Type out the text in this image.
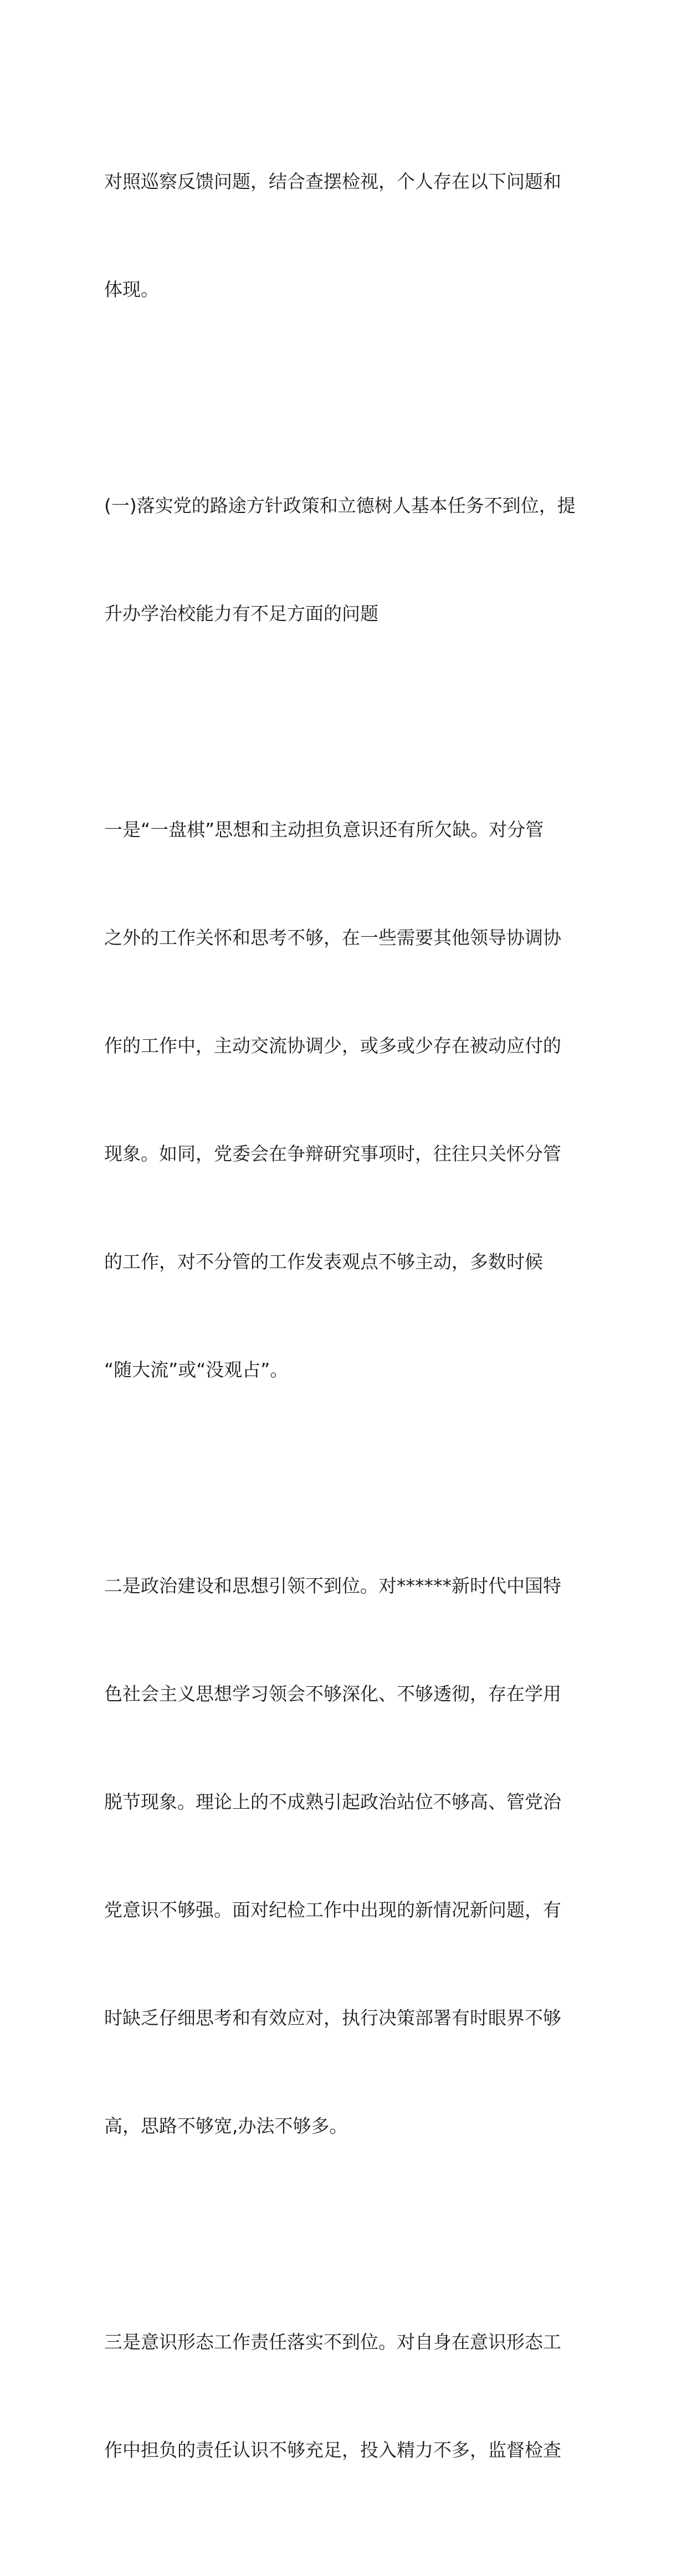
对照巡察反馈问题，结合查摆检视，个人存在以下问题和

体现。

(一)落实党的路途方针政策和立德树人基本任务不到位，提

升办学治校能力有不足方面的问题

一是“一盘棋”思想和主动担负意识还有所欠缺。对分管

之外的工作关怀和思考不够，在一些需要其他领导协调协

作的工作中，主动交流协调少，或多或少存在被动应付的

现象。如同，党委会在争辩研究事项时，往往只关怀分管

的工作，对不分管的工作发表观点不够主动，多数时候

“随大流”或“没观占”。

二是政治建设和思想引领不到位。对******新时代中国特

色社会主义思想学习领会不够深化、不够透彻，存在学用

脱节现象。理论上的不成熟引起政治站位不够高、管党治

党意识不够强。面对纪检工作中出现的新情况新问题，有

时缺乏仔细思考和有效应对，执行决策部署有时眼界不够

高，思路不够宽,办法不够多。

三是意识形态工作责任落实不到位。对自身在意识形态工

作中担负的责任认识不够充足，投入精力不多，监督检查
